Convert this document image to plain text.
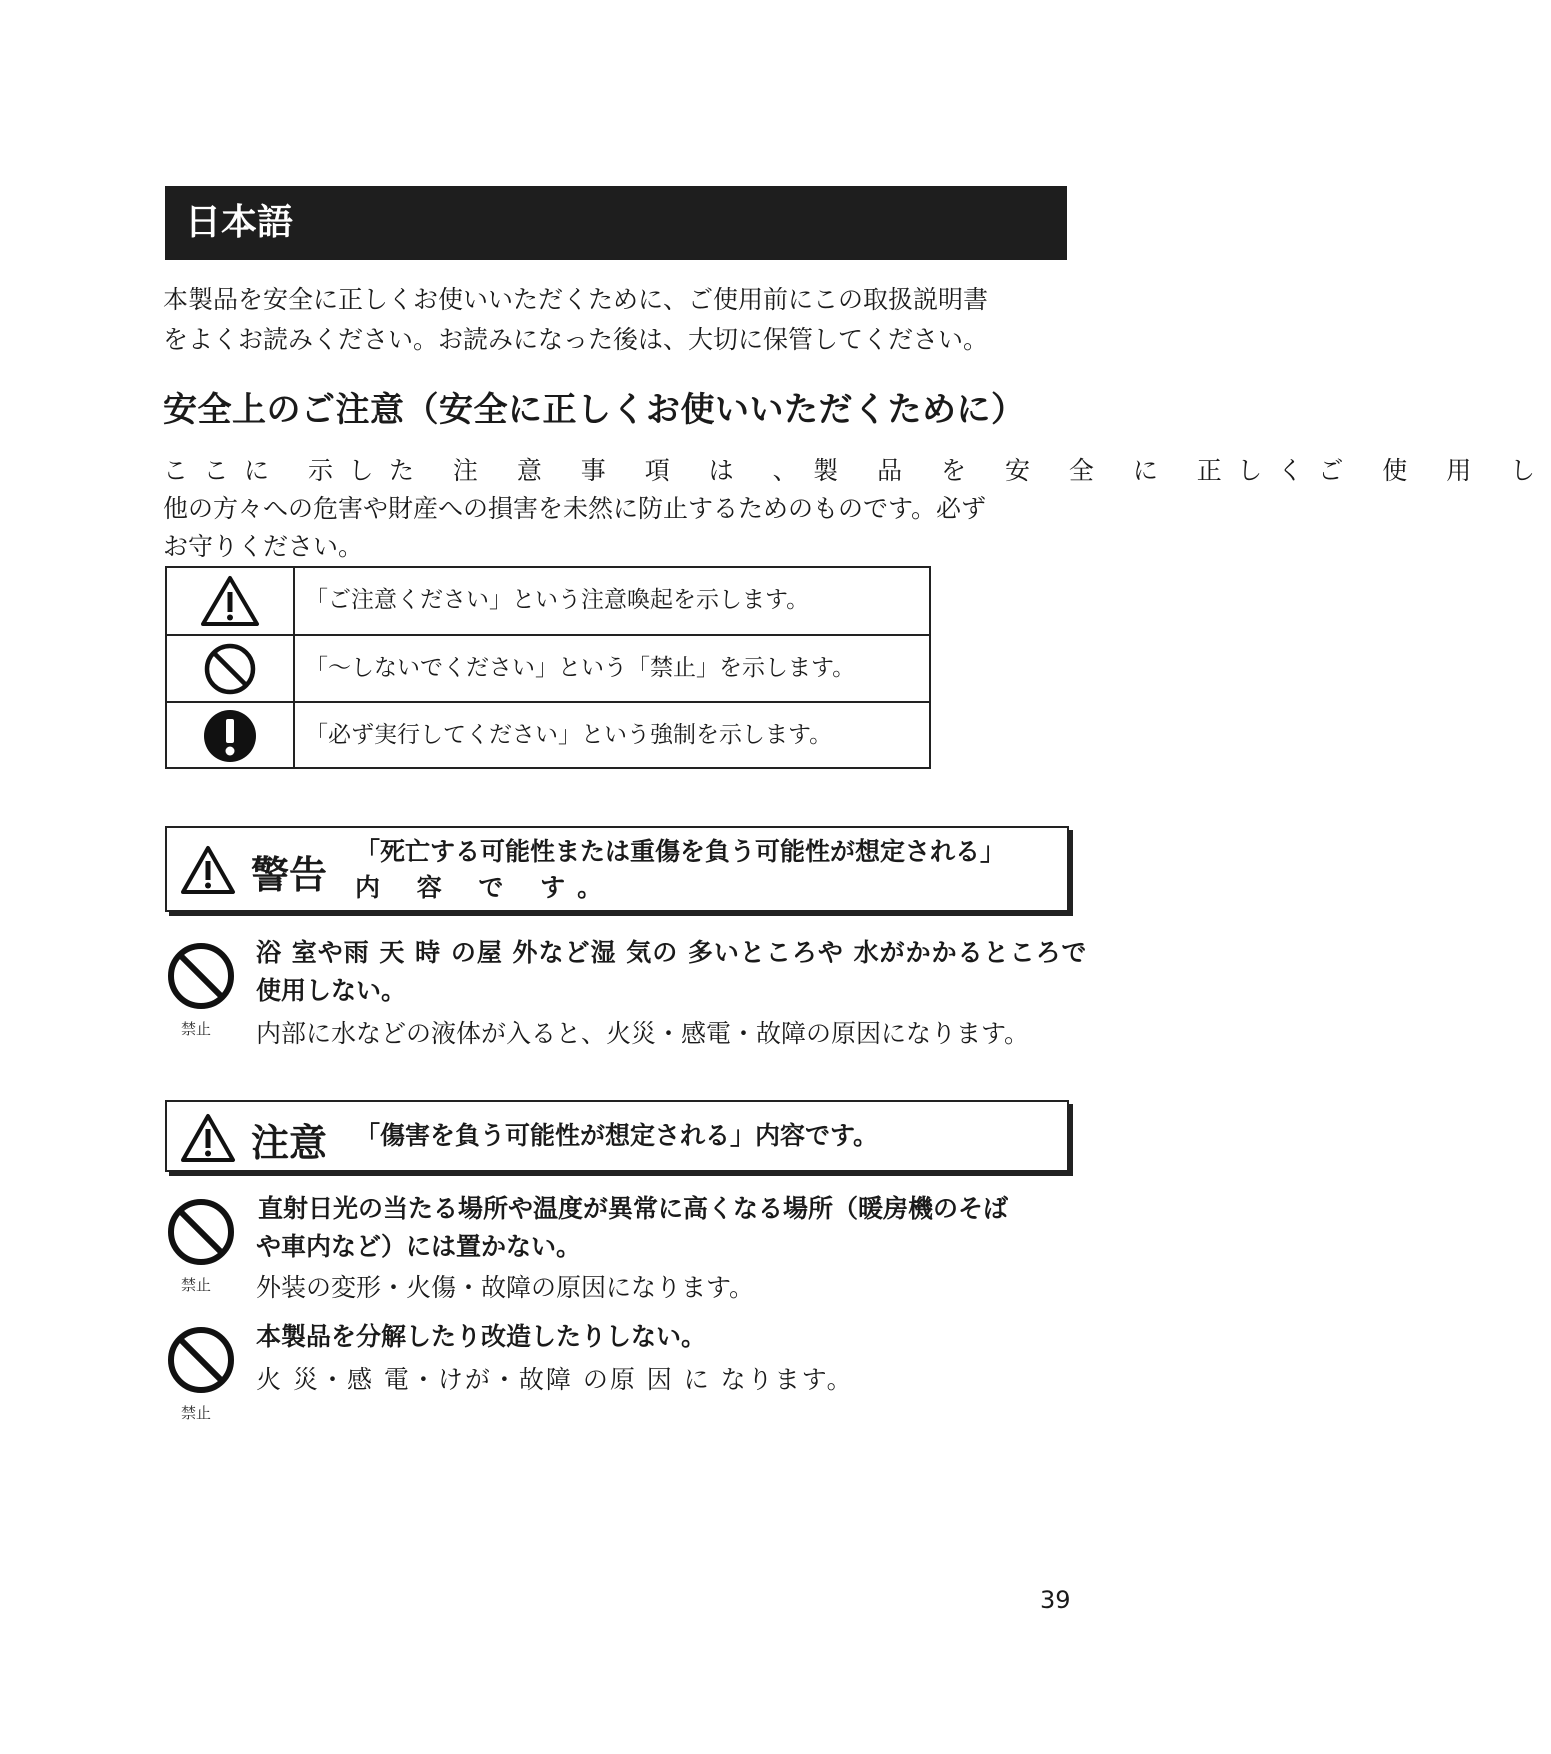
日本語

本製品を安全に正しくお使いいただくために、ご使用前にこの取扱説明書

をよくお読みください。お読みになった後は、大切に保管してください。

安全上のご注意（安全に正しくお使いいただくために）

ここに 示した 注 意 事 項 は 、製 品 を 安 全 に 正しくご 使 用 し

他の方々への危害や財産への損害を未然に防止するためのものです。必ず

お守りください。

「ご注意ください」という注意喚起を示します。
「〜しないでください」という「禁止」を示します。
「必ず実行してください」という強制を示します。
警告
「死亡する可能性または重傷を負う可能性が想定される」
内 容 で す。
禁止
浴 室や雨 天 時 の屋 外など湿 気の 多いところや 水がかかるところで
使用しない。
内部に水などの液体が入ると、火災・感電・故障の原因になります。
注意 「傷害を負う可能性が想定される」内容です。
禁止
直射日光の当たる場所や温度が異常に高くなる場所（暖房機のそば
や車内など）には置かない。
外装の変形・火傷・故障の原因になります。
禁止
本製品を分解したり改造したりしない。
火 災・感 電・けが・故障 の原 因 に なります。
39
